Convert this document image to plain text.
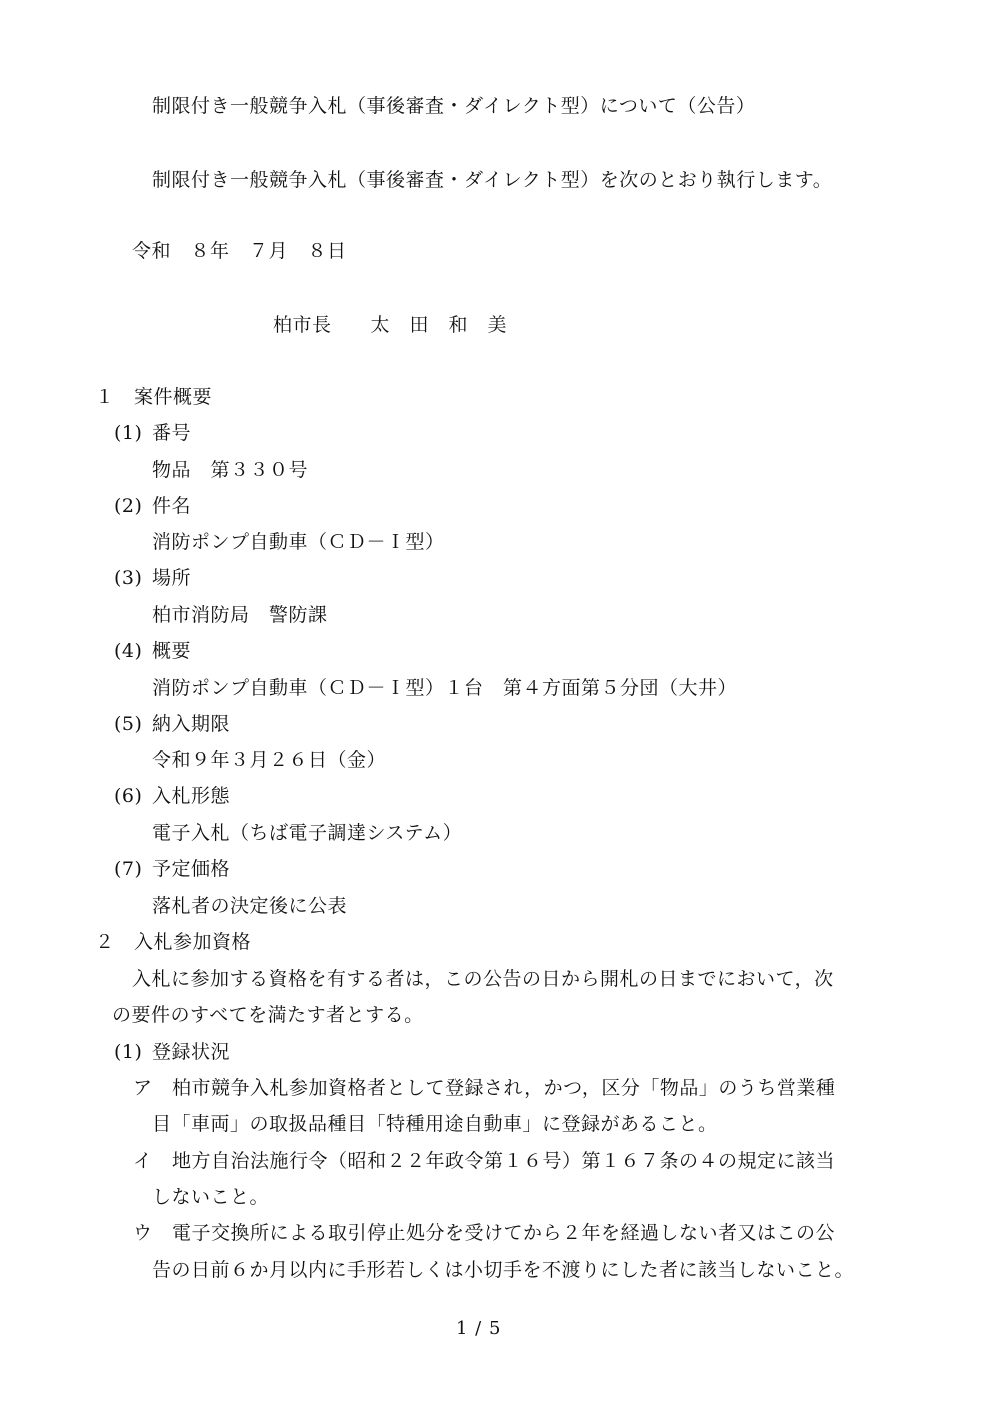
制限付き一般競争入札（事後審査・ダイレクト型）について（公告）
制限付き一般競争入札（事後審査・ダイレクト型）を次のとおり執行します。
令和　８年　７月　８日
柏市長　　太　田　和　美
１　案件概要
(1) 番号
物品　第３３０号
(2) 件名
消防ポンプ自動車（ＣＤ－Ｉ型）
(3) 場所
柏市消防局　警防課
(4) 概要
消防ポンプ自動車（ＣＤ－Ｉ型）１台　第４方面第５分団（大井）
(5) 納入期限
令和９年３月２６日（金）
(6) 入札形態
電子入札（ちば電子調達システム）
(7) 予定価格
落札者の決定後に公表
２　入札参加資格
入札に参加する資格を有する者は，この公告の日から開札の日までにおいて，次
の要件のすべてを満たす者とする。
(1) 登録状況
ア 柏市競争入札参加資格者として登録され，かつ，区分「物品」のうち営業種
目「車両」の取扱品種目「特種用途自動車」に登録があること。
イ 地方自治法施行令（昭和２２年政令第１６号）第１６７条の４の規定に該当
しないこと。
ウ 電子交換所による取引停止処分を受けてから２年を経過しない者又はこの公
告の日前６か月以内に手形若しくは小切手を不渡りにした者に該当しないこと。
1 / 5
